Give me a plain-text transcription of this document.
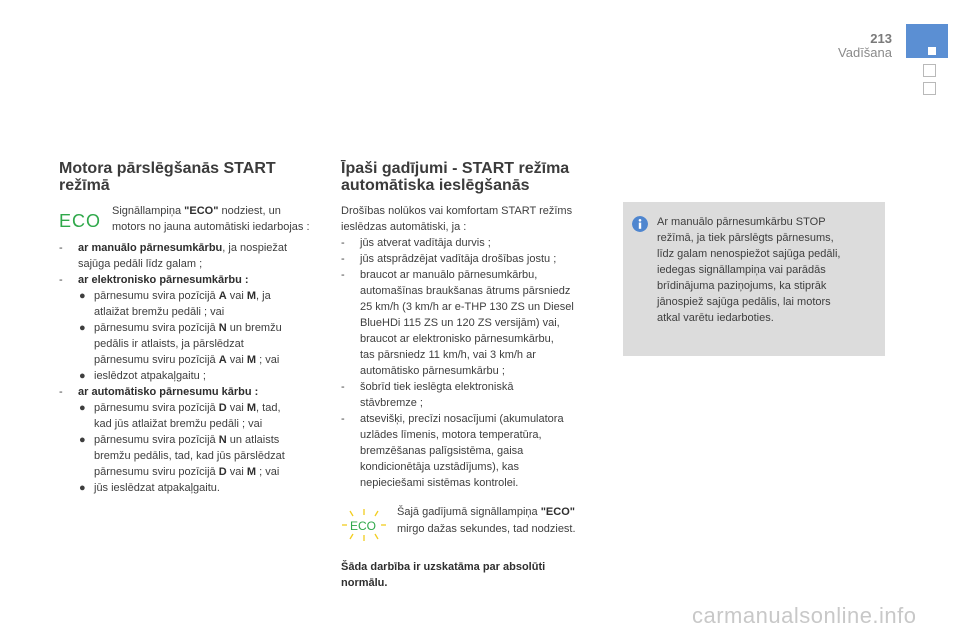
213
Vadīšana
Motora pārslēgšanās START
režīmā
ECO Signāllampiņa "ECO" nodziest, un
motors no jauna automātiski iedarbojas :
- ar manuālo pārnesumkārbu, ja nospiežat
sajūga pedāli līdz galam ;
- ar elektronisko pārnesumkārbu :
● pārnesumu svira pozīcijā A vai M, ja
atlaižat bremžu pedāli ; vai
● pārnesumu svira pozīcijā N un bremžu
pedālis ir atlaists, ja pārslēdzat
pārnesumu sviru pozīcijā A vai M ; vai
● ieslēdzot atpakaļgaitu ;
- ar automātisko pārnesumu kārbu :
● pārnesumu svira pozīcijā D vai M, tad,
kad jūs atlaižat bremžu pedāli ; vai
● pārnesumu svira pozīcijā N un atlaists
bremžu pedālis, tad, kad jūs pārslēdzat
pārnesumu sviru pozīcijā D vai M ; vai
● jūs ieslēdzat atpakaļgaitu.
Īpaši gadījumi - START režīma
automātiska ieslēgšanās
Drošības nolūkos vai komfortam START režīms
ieslēdzas automātiski, ja :
- jūs atverat vadītāja durvis ;
- jūs atsprādzējat vadītāja drošības jostu ;
- braucot ar manuālo pārnesumkārbu,
automašīnas braukšanas ātrums pārsniedz
25 km/h (3 km/h ar e-THP 130 ZS un Diesel
BlueHDi 115 ZS un 120 ZS versijām) vai,
braucot ar elektronisko pārnesumkārbu,
tas pārsniedz 11 km/h, vai 3 km/h ar
automātisko pārnesumkārbu ;
- šobrīd tiek ieslēgta elektroniskā
stāvbremze ;
- atsevišķi, precīzi nosacījumi (akumulatora
uzlādes līmenis, motora temperatūra,
bremzēšanas palīgsistēma, gaisa
kondicionētāja uzstādījums), kas
nepieciešami sistēmas kontrolei.
ECO
Šajā gadījumā signāllampiņa "ECO"
mirgo dažas sekundes, tad nodziest.
Šāda darbība ir uzskatāma par absolūti
normālu.
Ar manuālo pārnesumkārbu STOP
režīmā, ja tiek pārslēgts pārnesums,
līdz galam nenospiežot sajūga pedāli,
iedegas signāllampiņa vai parādās
brīdinājuma paziņojums, ka stiprāk
jānospiež sajūga pedālis, lai motors
atkal varētu iedarboties.
carmanualsonline.info
